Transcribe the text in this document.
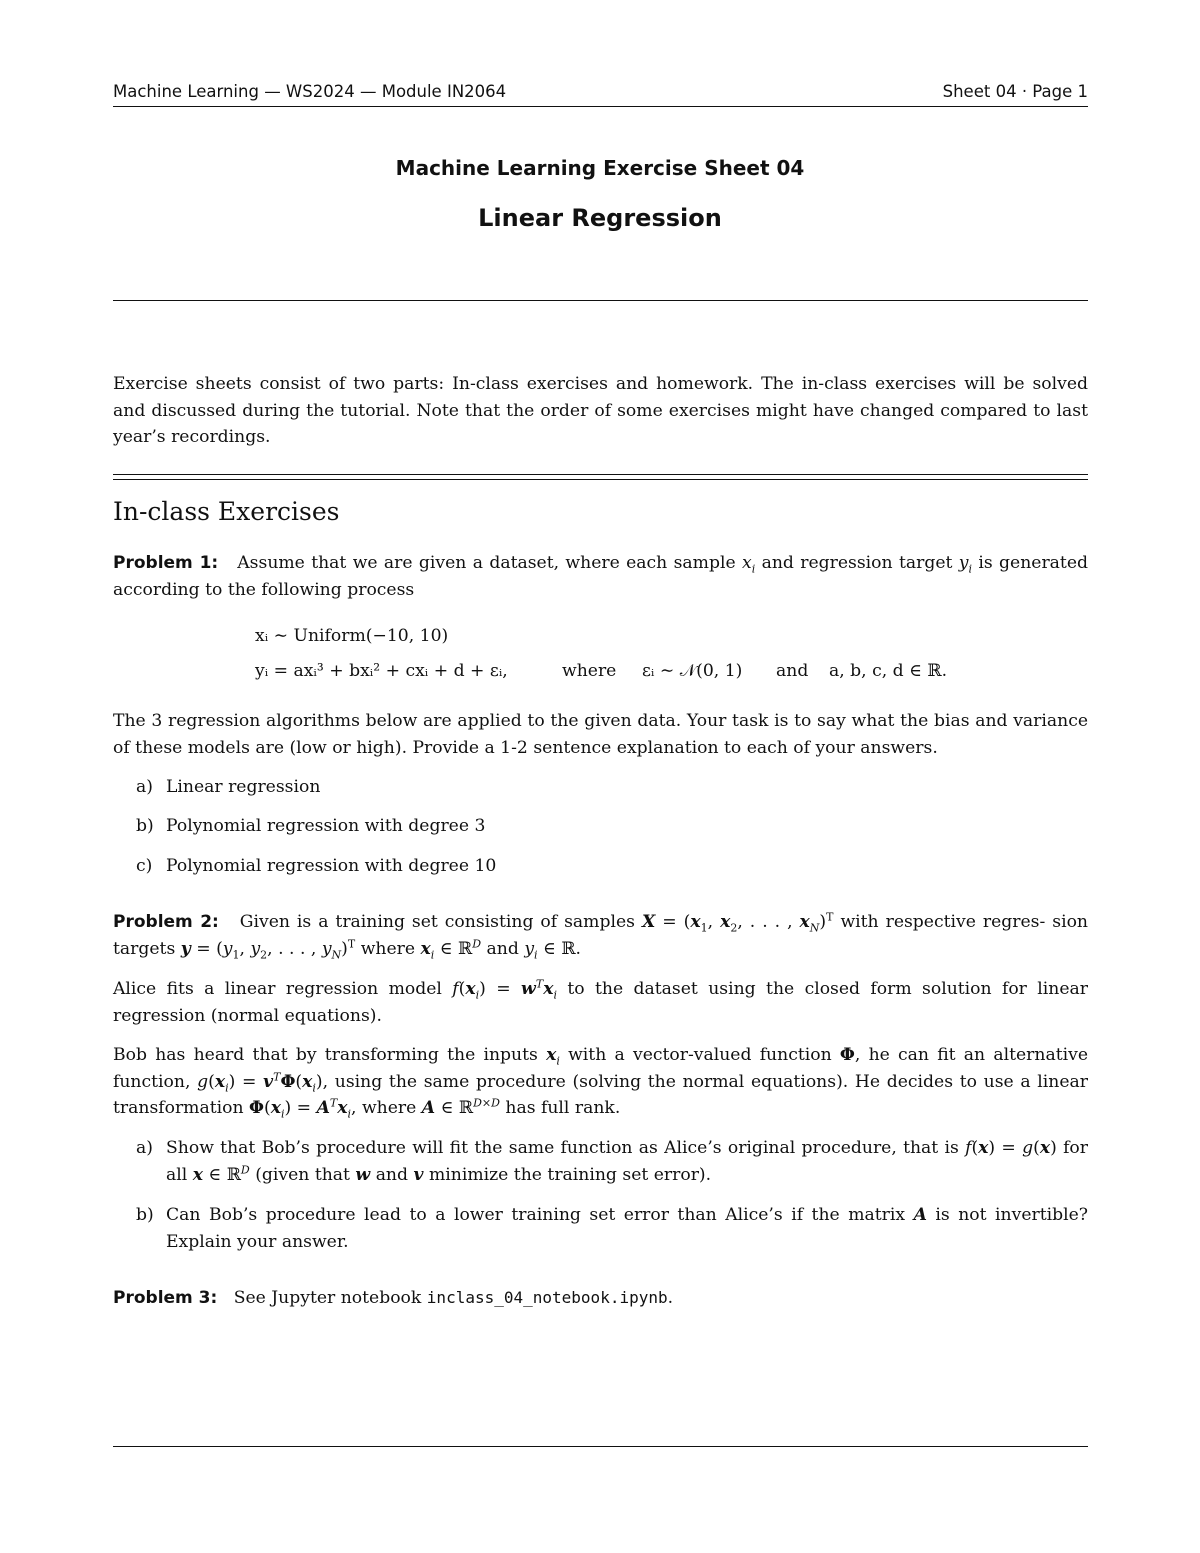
Machine Learning — WS2024 — Module IN2064	Sheet 04 · Page 1
Machine Learning Exercise Sheet 04
Linear Regression
Exercise sheets consist of two parts: In-class exercises and homework. The in-class exercises will be solved and discussed during the tutorial. Note that the order of some exercises might have changed compared to last year’s recordings.
In-class Exercises
Problem 1: Assume that we are given a dataset, where each sample $x_i$ and regression target $y_i$ is generated according to the following process
xᵢ ∼ Uniform(−10, 10)
yᵢ = axᵢ³ + bxᵢ² + cxᵢ + d + εᵢ,	where εᵢ ∼ 𝒩(0, 1) and a, b, c, d ∈ ℝ.
The 3 regression algorithms below are applied to the given data. Your task is to say what the bias and variance of these models are (low or high). Provide a 1-2 sentence explanation to each of your answers.
a) Linear regression
b) Polynomial regression with degree 3
c) Polynomial regression with degree 10
Problem 2: Given is a training set consisting of samples $X = (x_1$, $x_2$, . . . , $x_N)^T$ with respective regres- sion targets $y = (y_1$, $y_2$, . . . , $y_N)^T$ where $x_i$ ∈ ℝ$^D$ and $y_i$ ∈ ℝ.
Alice fits a linear regression model $f(x_i) = w^Tx_i$ to the dataset using the closed form solution for linear regression (normal equations).
Bob has heard that by transforming the inputs $x_i$ with a vector-valued function Φ, he can fit an alternative function, $g(x_i) = v^T\Phi(x_i)$, using the same procedure (solving the normal equations). He decides to use a linear transformation $\Phi(x_i) = A^Tx_i$, where A ∈ ℝ$^{D\times D}$ has full rank.
a) Show that Bob’s procedure will fit the same function as Alice’s original procedure, that is f(x) = g(x) for all x ∈ ℝ$^D$ (given that w and v minimize the training set error).
b) Can Bob’s procedure lead to a lower training set error than Alice’s if the matrix A is not invertible? Explain your answer.
Problem 3: See Jupyter notebook inclass_04_notebook.ipynb.
